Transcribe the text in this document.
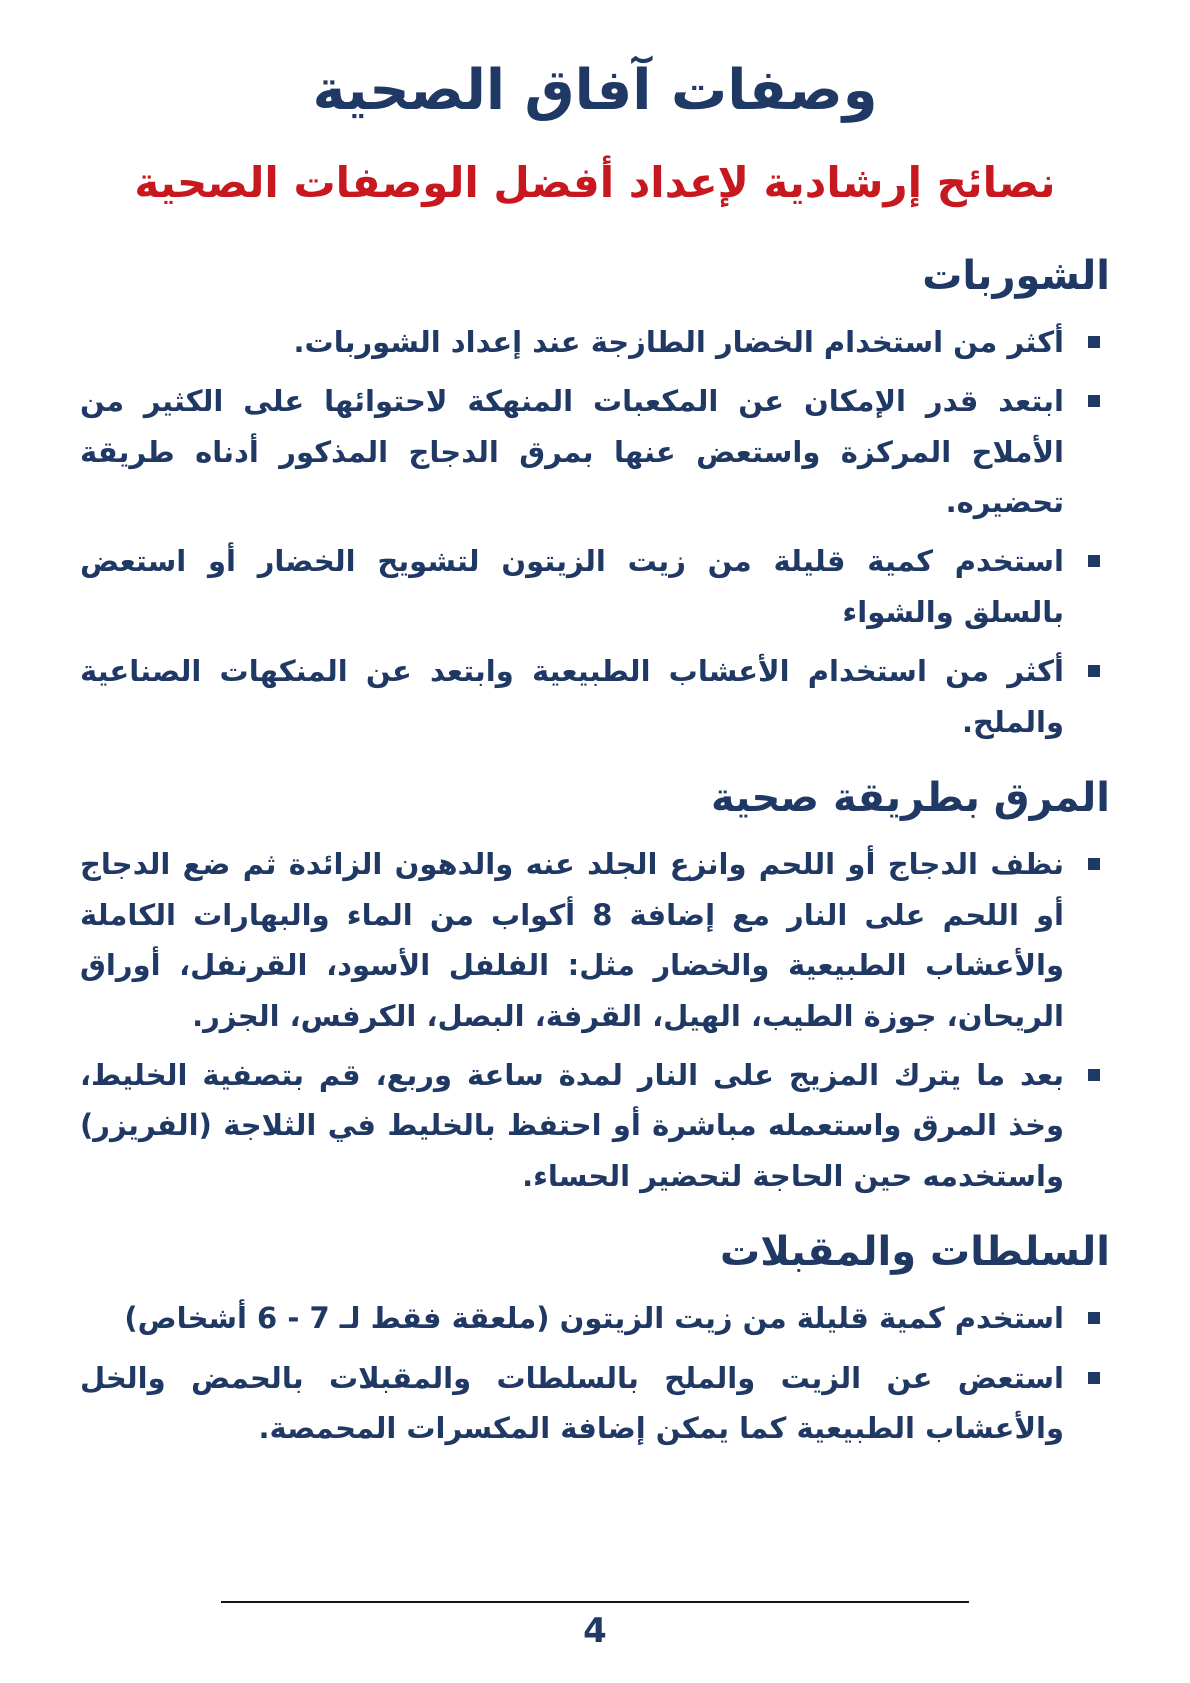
وصفات آفاق الصحية
نصائح إرشادية لإعداد أفضل الوصفات الصحية
الشوربات
أكثر من استخدام الخضار الطازجة عند إعداد الشوربات.
ابتعد قدر الإمكان عن المكعبات المنهكة لاحتوائها على الكثير من الأملاح المركزة واستعض عنها بمرق الدجاج المذكور أدناه طريقة تحضيره.
استخدم كمية قليلة من زيت الزيتون لتشويح الخضار أو استعض بالسلق والشواء
أكثر من استخدام الأعشاب الطبيعية وابتعد عن المنكهات الصناعية والملح.
المرق بطريقة صحية
نظف الدجاج أو اللحم وانزع الجلد عنه والدهون الزائدة ثم ضع الدجاج أو اللحم على النار مع إضافة 8 أكواب من الماء والبهارات الكاملة والأعشاب الطبيعية والخضار مثل: الفلفل الأسود، القرنفل، أوراق الريحان، جوزة الطيب، الهيل، القرفة، البصل، الكرفس، الجزر.
بعد ما يترك المزيج على النار لمدة ساعة وربع، قم بتصفية الخليط، وخذ المرق واستعمله مباشرة أو احتفظ بالخليط في الثلاجة (الفريزر) واستخدمه حين الحاجة لتحضير الحساء.
السلطات والمقبلات
استخدم كمية قليلة من زيت الزيتون (ملعقة فقط لـ ⁦6 - 7⁩ أشخاص)
استعض عن الزيت والملح بالسلطات والمقبلات بالحمض والخل والأعشاب الطبيعية كما يمكن إضافة المكسرات المحمصة.
4
